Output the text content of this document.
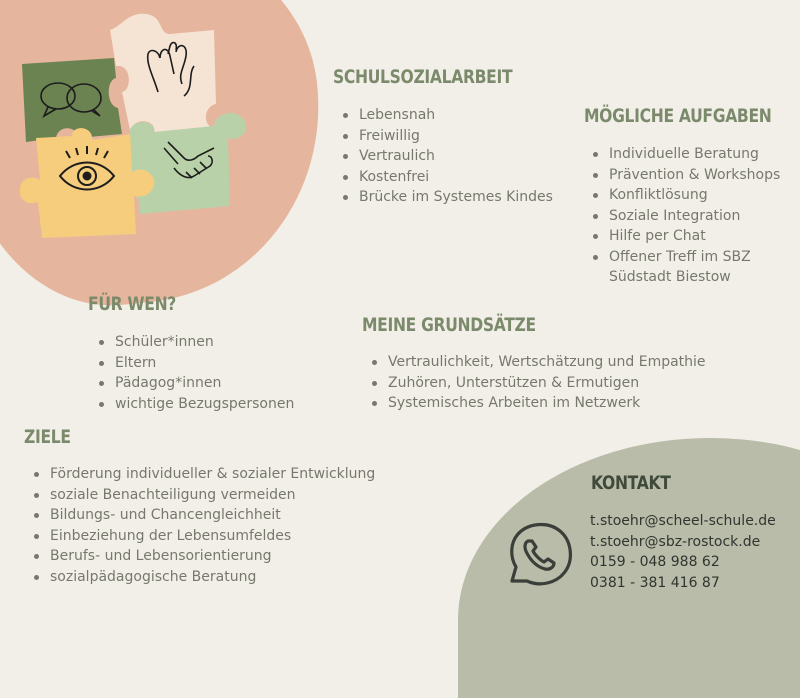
SCHULSOZIALARBEIT
Lebensnah
Freiwillig
Vertraulich
Kostenfrei
Brücke im Systemes Kindes
MÖGLICHE AUFGABEN
Individuelle Beratung
Prävention & Workshops
Konfliktlösung
Soziale Integration
Hilfe per Chat
Offener Treff im SBZ Südstadt Biestow
FÜR WEN?
Schüler*innen
Eltern
Pädagog*innen
wichtige Bezugspersonen
MEINE GRUNDSÄTZE
Vertraulichkeit, Wertschätzung und Empathie
Zuhören, Unterstützen & Ermutigen
Systemisches Arbeiten im Netzwerk
ZIELE
Förderung individueller & sozialer Entwicklung
soziale Benachteiligung vermeiden
Bildungs- und Chancengleichheit
Einbeziehung der Lebensumfeldes
Berufs- und Lebensorientierung
sozialpädagogische Beratung
KONTAKT
t.stoehr@scheel-schule.de
t.stoehr@sbz-rostock.de
0159 - 048 988 62
0381 - 381 416 87
